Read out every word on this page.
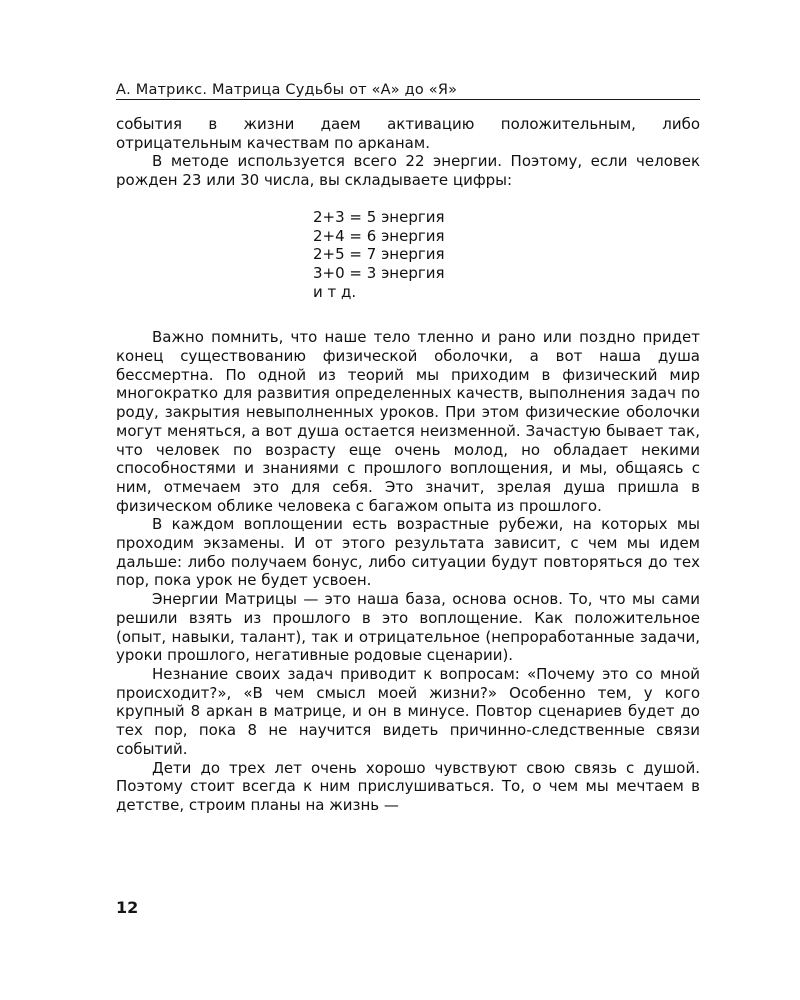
А. Матрикс. Матрица Судьбы от «А» до «Я»

события в жизни даем активацию положительным, либо отрицательным качествам по арканам.

В методе используется всего 22 энергии. Поэтому, если человек рожден 23 или 30 числа, вы складываете цифры:

2+3 = 5 энергия
2+4 = 6 энергия
2+5 = 7 энергия
3+0 = 3 энергия
и т д.

Важно помнить, что наше тело тленно и рано или поздно придет конец существованию физической оболочки, а вот наша душа бессмертна. По одной из теорий мы приходим в физический мир многократко для развития определенных качеств, выполнения задач по роду, закрытия невыполненных уроков. При этом физические оболочки могут меняться, а вот душа остается неизменной. Зачастую бывает так, что человек по возрасту еще очень молод, но обладает некими способностями и знаниями с прошлого воплощения, и мы, общаясь с ним, отмечаем это для себя. Это значит, зрелая душа пришла в физическом облике человека с багажом опыта из прошлого.

В каждом воплощении есть возрастные рубежи, на которых мы проходим экзамены. И от этого результата зависит, с чем мы идем дальше: либо получаем бонус, либо ситуации будут повторяться до тех пор, пока урок не будет усвоен.

Энергии Матрицы — это наша база, основа основ. То, что мы сами решили взять из прошлого в это воплощение. Как положительное (опыт, навыки, талант), так и отрицательное (непроработанные задачи, уроки прошлого, негативные родовые сценарии).

Незнание своих задач приводит к вопросам: «Почему это со мной происходит?», «В чем смысл моей жизни?» Особенно тем, у кого крупный 8 аркан в матрице, и он в минусе. Повтор сценариев будет до тех пор, пока 8 не научится видеть причинно-следственные связи событий.

Дети до трех лет очень хорошо чувствуют свою связь с душой. Поэтому стоит всегда к ним прислушиваться. То, о чем мы мечтаем в детстве, строим планы на жизнь —

12
